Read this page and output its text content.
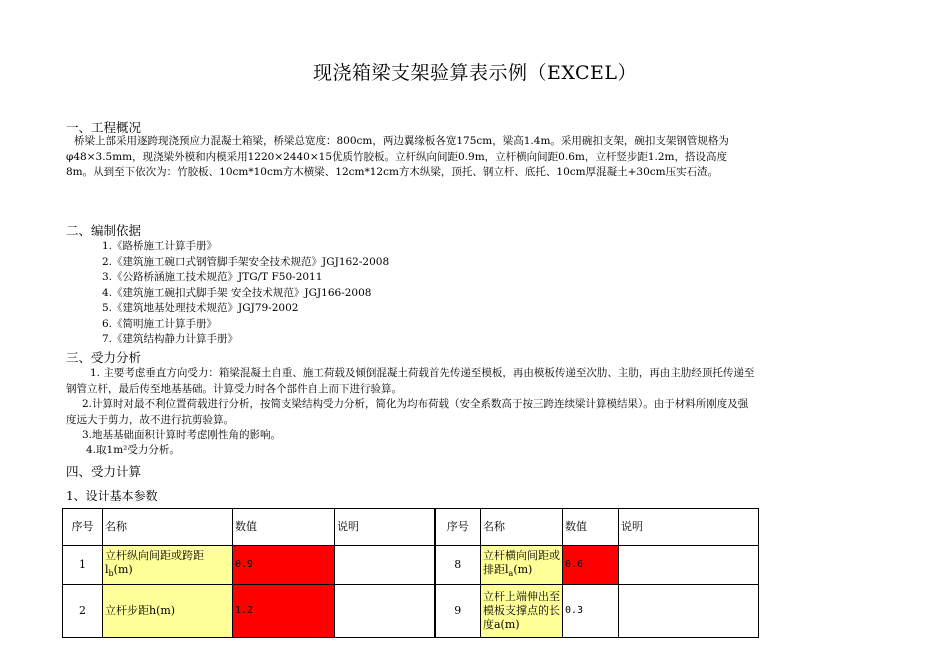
现浇箱梁支架验算表示例（EXCEL）
一、工程概况
桥梁上部采用逐跨现浇预应力混凝土箱梁，桥梁总宽度：800cm，两边翼缘板各宽175cm，梁高1.4m。采用碗扣支架，碗扣支架钢管规格为φ48×3.5mm，现浇梁外模和内模采用1220×2440×15优质竹胶板。立杆纵向间距0.9m，立杆横向间距0.6m，立杆竖步距1.2m，搭设高度8m。从到至下依次为：竹胶板、10cm*10cm方木横梁、12cm*12cm方木纵梁，顶托、钢立杆、底托、10cm厚混凝土+30cm压实石渣。
二、编制依据
1.《路桥施工计算手册》
2.《建筑施工碗口式钢管脚手架安全技术规范》JGJ162-2008
3.《公路桥涵施工技术规范》JTG/T F50-2011
4.《建筑施工碗扣式脚手架 安全技术规范》JGJ166-2008
5.《建筑地基处理技术规范》JGJ79-2002
6.《简明施工计算手册》
7.《建筑结构静力计算手册》
三、受力分析
1. 主要考虑垂直方向受力：箱梁混凝土自重、施工荷载及倾倒混凝土荷载首先传递至模板，再由模板传递至次肋、主肋，再由主肋经顶托传递至钢管立杆，最后传至地基基础。计算受力时各个部件自上而下进行验算。
2.计算时对最不利位置荷载进行分析，按简支梁结构受力分析，简化为均布荷载（安全系数高于按三跨连续梁计算模结果）。由于材料所刚度及强度远大于剪力，故不进行抗剪验算。
3.地基基础面积计算时考虑刚性角的影响。
4.取1m²受力分析。
四、受力计算
1、设计基本参数
序号	名称	数值	说明	序号	名称	数值	说明
1	立杆纵向间距或跨距$l_b(m)$	0.9		8	立杆横向间距或排距$l_a(m)$	0.6	
2	立杆步距h(m)	1.2		9	立杆上端伸出至模板支撑点的长度a(m)	0.3	
